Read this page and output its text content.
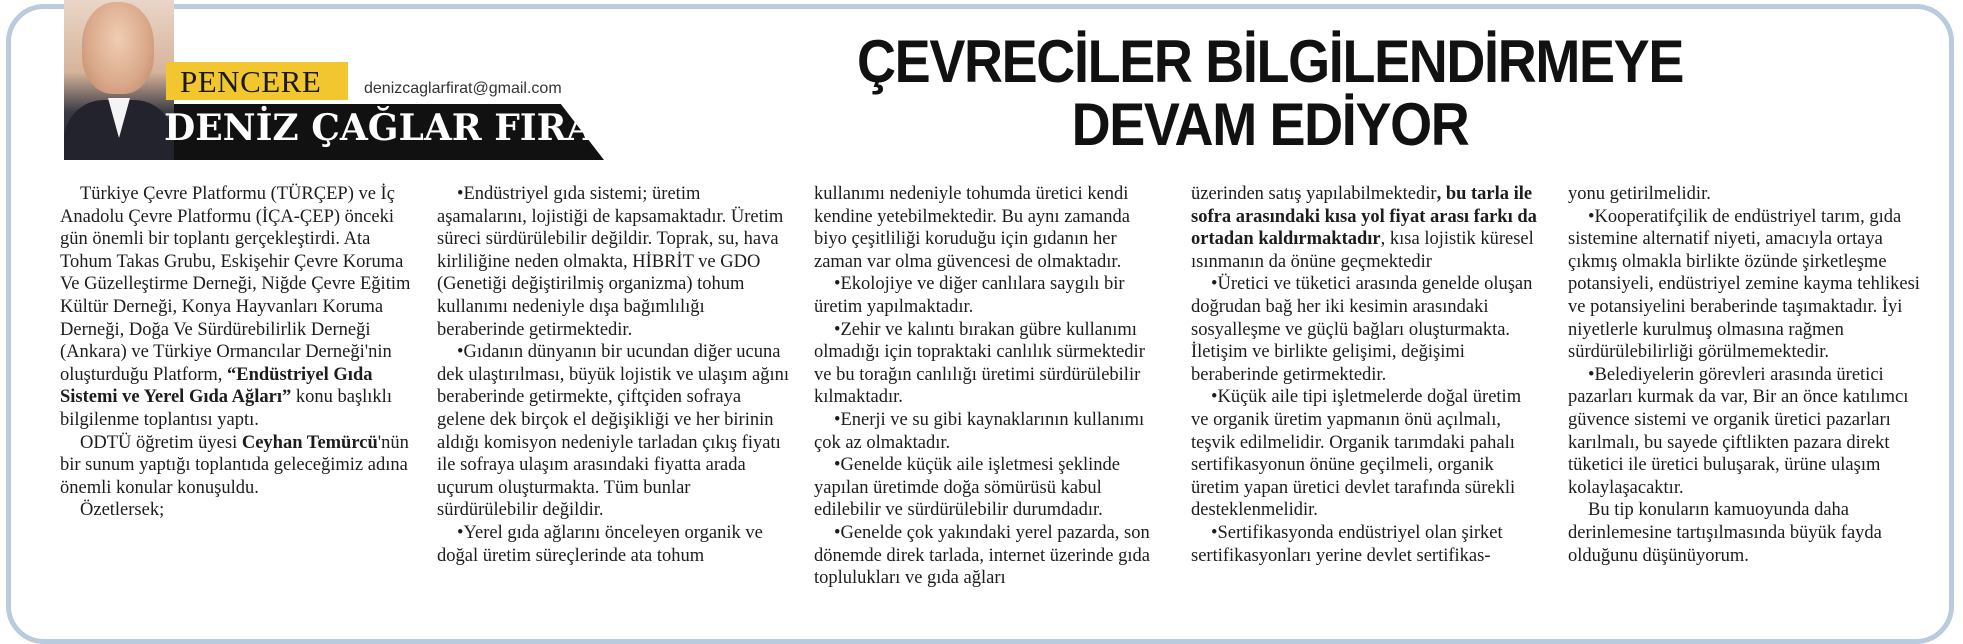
PENCERE	denizcaglarfirat@gmail.com
DENİZ ÇAĞLAR FIRAT
ÇEVRECİLER BİLGİLENDİRMEYE
DEVAM EDİYOR

Türkiye Çevre Platformu (TÜRÇEP) ve İç Anadolu Çevre Platformu (İÇA-ÇEP) önceki gün önemli bir toplantı gerçekleştirdi. Ata Tohum Takas Grubu, Eskişehir Çevre Koruma Ve Güzelleştirme Derneği, Niğde Çevre Eğitim Kültür Derneği, Konya Hayvanları Koruma Derneği, Doğa Ve Sürdürebilirlik Derneği (Ankara) ve Türkiye Ormancılar Derneği'nin oluşturduğu Platform, “Endüstriyel Gıda Sistemi ve Yerel Gıda Ağları” konu başlıklı bilgilenme toplantısı yaptı.

ODTÜ öğretim üyesi Ceyhan Temürcü'nün bir sunum yaptığı toplantıda geleceğimiz adına önemli konular konuşuldu.

Özetlersek;

•Endüstriyel gıda sistemi; üretim aşamalarını, lojistiği de kapsamaktadır. Üretim süreci sürdürülebilir değildir. Toprak, su, hava kirliliğine neden olmakta, HİBRİT ve GDO (Genetiği değiştirilmiş organizma) tohum kullanımı nedeniyle dışa bağımlılığı beraberinde getirmektedir.

•Gıdanın dünyanın bir ucundan diğer ucuna dek ulaştırılması, büyük lojistik ve ulaşım ağını beraberinde getirmekte, çiftçiden sofraya gelene dek birçok el değişikliği ve her birinin aldığı komisyon nedeniyle tarladan çıkış fiyatı ile sofraya ulaşım arasındaki fiyatta arada uçurum oluşturmakta. Tüm bunlar sürdürülebilir değildir.

•Yerel gıda ağlarını önceleyen organik ve doğal üretim süreçlerinde ata tohum

kullanımı nedeniyle tohumda üretici kendi kendine yetebilmektedir. Bu aynı zamanda biyo çeşitliliği koruduğu için gıdanın her zaman var olma güvencesi de olmaktadır.

•Ekolojiye ve diğer canlılara saygılı bir üretim yapılmaktadır.

•Zehir ve kalıntı bırakan gübre kullanımı olmadığı için topraktaki canlılık sürmektedir ve bu torağın canlılığı üretimi sürdürülebilir kılmaktadır.

•Enerji ve su gibi kaynaklarının kullanımı çok az olmaktadır.

•Genelde küçük aile işletmesi şeklinde yapılan üretimde doğa sömürüsü kabul edilebilir ve sürdürülebilir durumdadır.

•Genelde çok yakındaki yerel pazarda, son dönemde direk tarlada, internet üzerinde gıda toplulukları ve gıda ağları

üzerinden satış yapılabilmektedir, bu tarla ile sofra arasındaki kısa yol fiyat arası farkı da ortadan kaldırmaktadır, kısa lojistik küresel ısınmanın da önüne geçmektedir

•Üretici ve tüketici arasında genelde oluşan doğrudan bağ her iki kesimin arasındaki sosyalleşme ve güçlü bağları oluşturmakta. İletişim ve birlikte gelişimi, değişimi beraberinde getirmektedir.

•Küçük aile tipi işletmelerde doğal üretim ve organik üretim yapmanın önü açılmalı, teşvik edilmelidir. Organik tarımdaki pahalı sertifikasyonun önüne geçilmeli, organik üretim yapan üretici devlet tarafında sürekli desteklenmelidir.

•Sertifikasyonda endüstriyel olan şirket sertifikasyonları yerine devlet sertifikas-

yonu getirilmelidir.

•Kooperatifçilik de endüstriyel tarım, gıda sistemine alternatif niyeti, amacıyla ortaya çıkmış olmakla birlikte özünde şirketleşme potansiyeli, endüstriyel zemine kayma tehlikesi ve potansiyelini beraberinde taşımaktadır. İyi niyetlerle kurulmuş olmasına rağmen sürdürülebilirliği görülmemektedir.

•Belediyelerin görevleri arasında üretici pazarları kurmak da var, Bir an önce katılımcı güvence sistemi ve organik üretici pazarları karılmalı, bu sayede çiftlikten pazara direkt tüketici ile üretici buluşarak, ürüne ulaşım kolaylaşacaktır.

Bu tip konuların kamuoyunda daha derinlemesine tartışılmasında büyük fayda olduğunu düşünüyorum.
